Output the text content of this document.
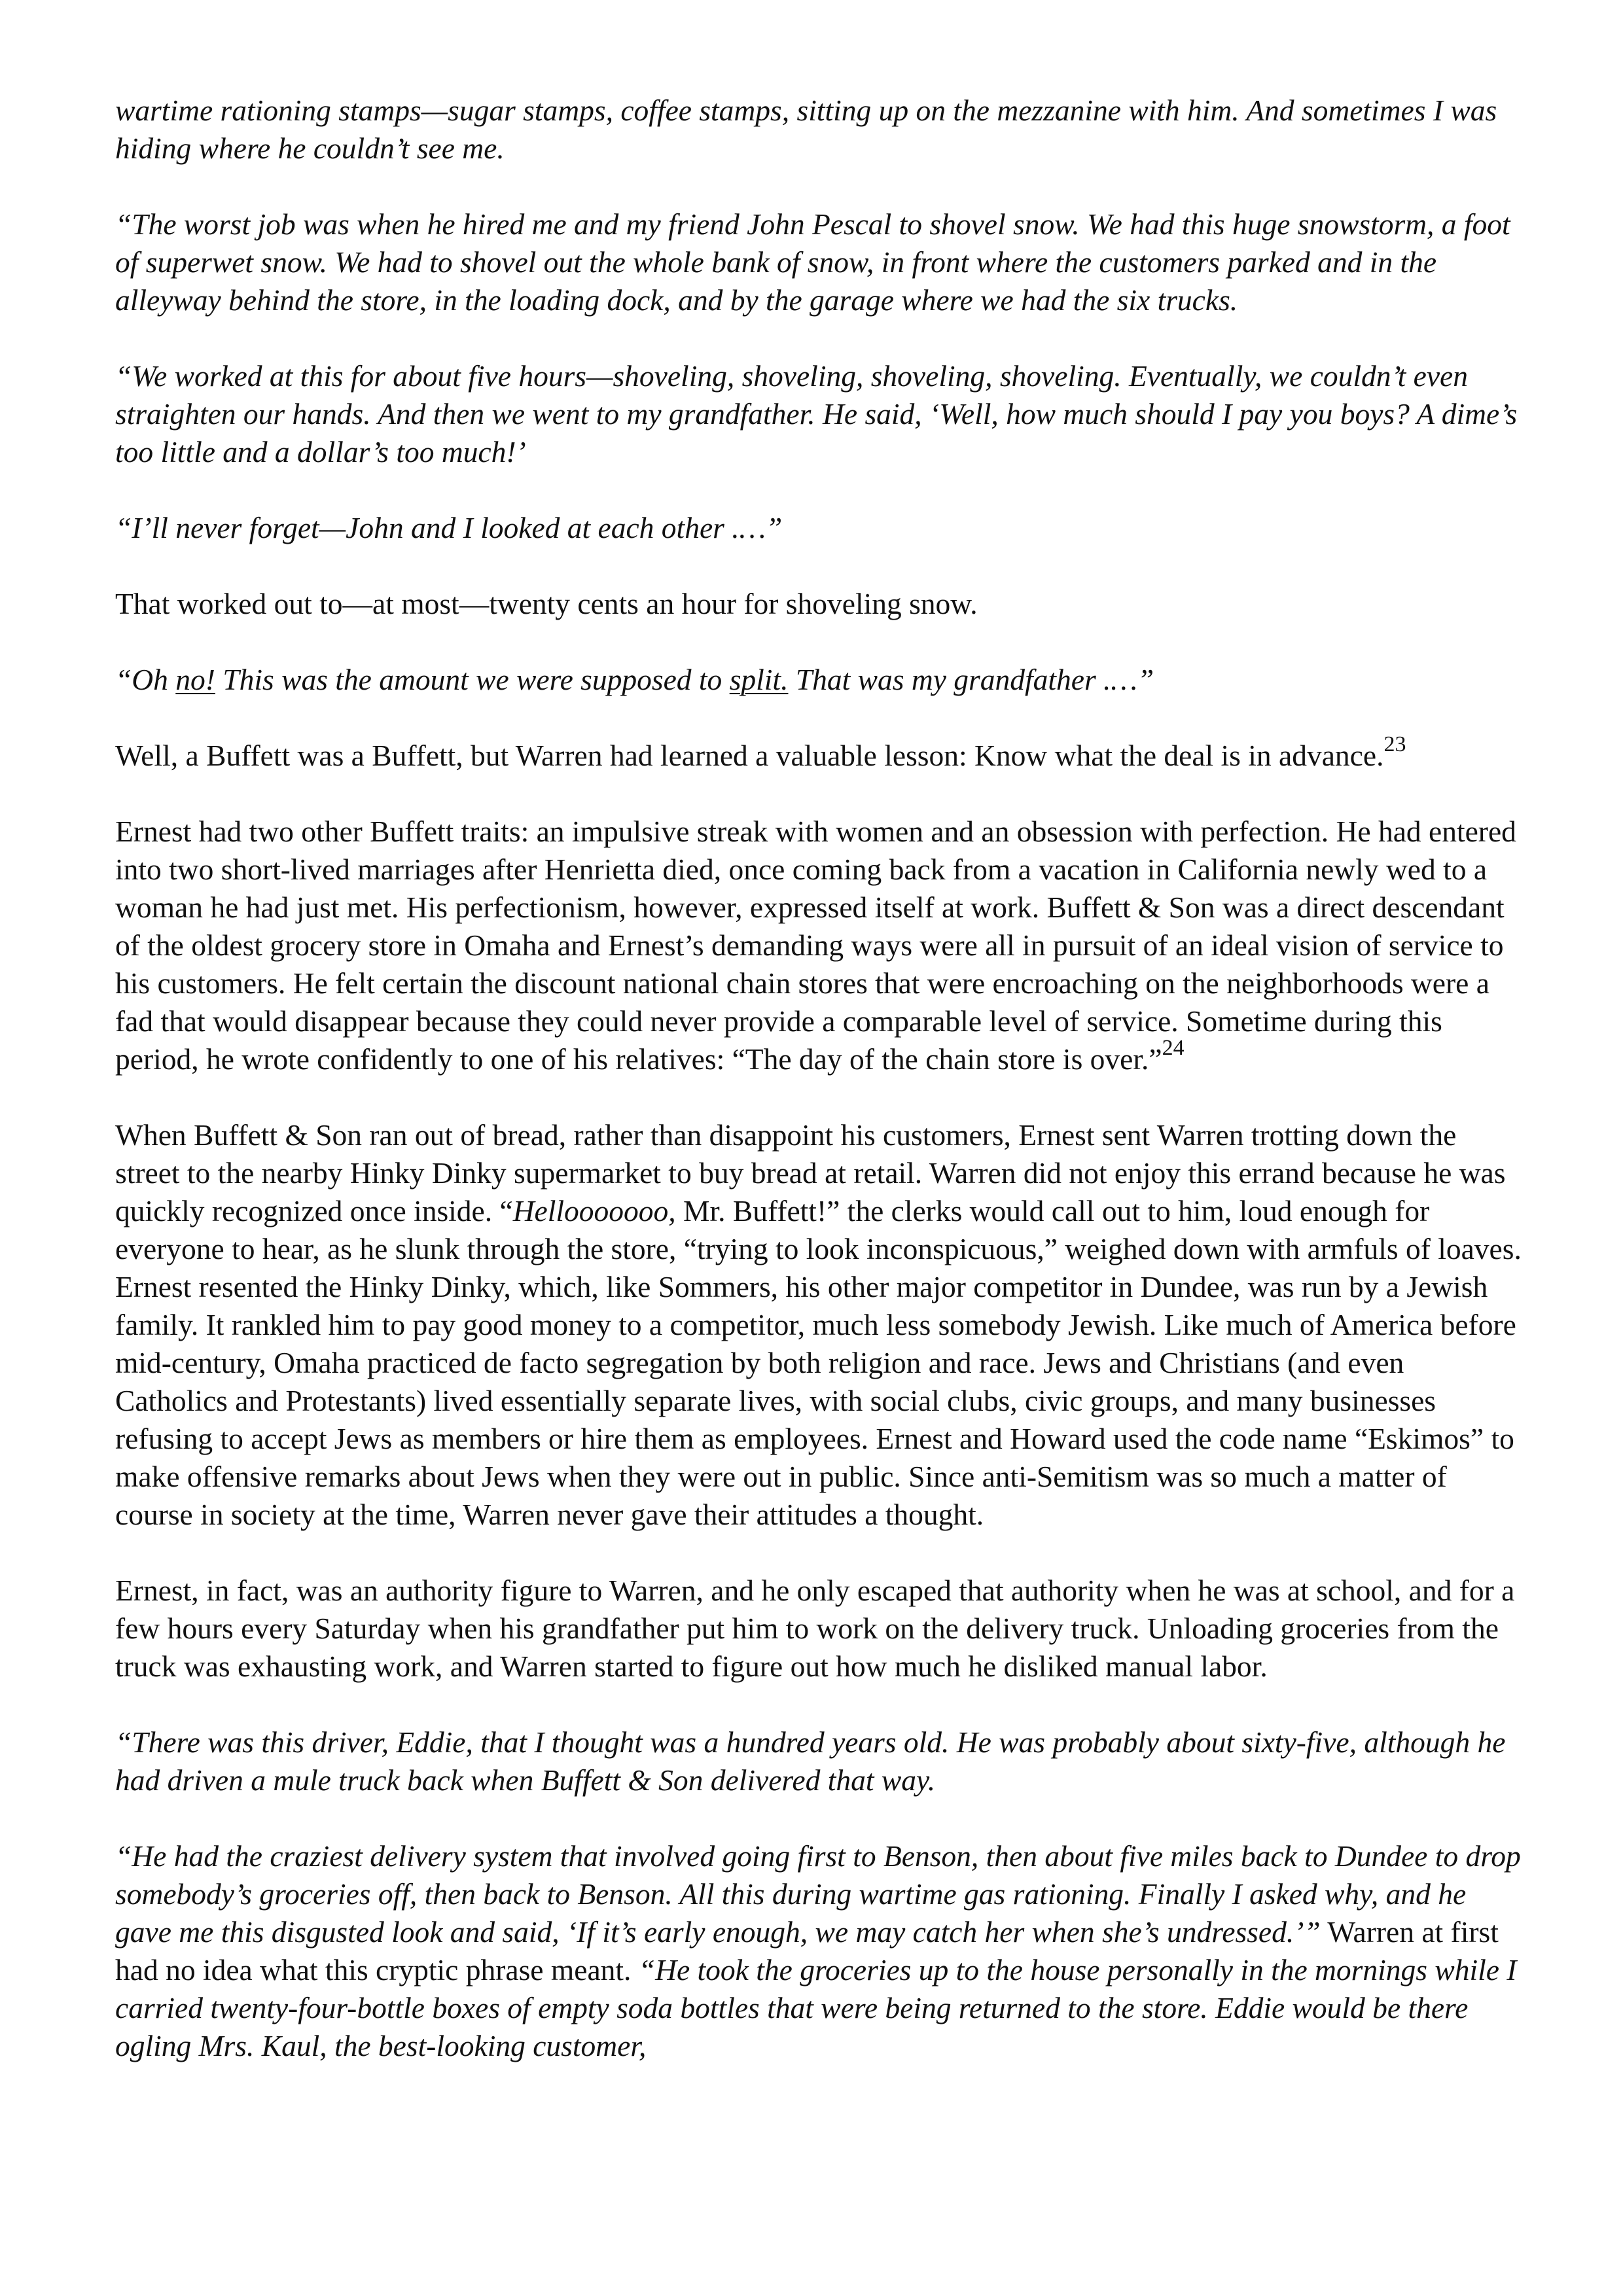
wartime rationing stamps—sugar stamps, coffee stamps, sitting up on the mezzanine with him. And sometimes I was hiding where he couldn’t see me.
“The worst job was when he hired me and my friend John Pescal to shovel snow. We had this huge snowstorm, a foot of superwet snow. We had to shovel out the whole bank of snow, in front where the customers parked and in the alleyway behind the store, in the loading dock, and by the garage where we had the six trucks.
“We worked at this for about five hours—shoveling, shoveling, shoveling, shoveling. Eventually, we couldn’t even straighten our hands. And then we went to my grandfather. He said, ‘Well, how much should I pay you boys? A dime’s too little and a dollar’s too much!’
“I’ll never forget—John and I looked at each other .…”
That worked out to—at most—twenty cents an hour for shoveling snow.
“Oh no! This was the amount we were supposed to split. That was my grandfather .…”
Well, a Buffett was a Buffett, but Warren had learned a valuable lesson: Know what the deal is in advance.$^{23}$
Ernest had two other Buffett traits: an impulsive streak with women and an obsession with perfection. He had entered into two short-lived marriages after Henrietta died, once coming back from a vacation in California newly wed to a woman he had just met. His perfectionism, however, expressed itself at work. Buffett & Son was a direct descendant of the oldest grocery store in Omaha and Ernest’s demanding ways were all in pursuit of an ideal vision of service to his customers. He felt certain the discount national chain stores that were encroaching on the neighborhoods were a fad that would disappear because they could never provide a comparable level of service. Sometime during this period, he wrote confidently to one of his relatives: “The day of the chain store is over.”$^{24}$
When Buffett & Son ran out of bread, rather than disappoint his customers, Ernest sent Warren trotting down the street to the nearby Hinky Dinky supermarket to buy bread at retail. Warren did not enjoy this errand because he was quickly recognized once inside. “Hellooooooo, Mr. Buffett!” the clerks would call out to him, loud enough for everyone to hear, as he slunk through the store, “trying to look inconspicuous,” weighed down with armfuls of loaves. Ernest resented the Hinky Dinky, which, like Sommers, his other major competitor in Dundee, was run by a Jewish family. It rankled him to pay good money to a competitor, much less somebody Jewish. Like much of America before mid-century, Omaha practiced de facto segregation by both religion and race. Jews and Christians (and even Catholics and Protestants) lived essentially separate lives, with social clubs, civic groups, and many businesses refusing to accept Jews as members or hire them as employees. Ernest and Howard used the code name “Eskimos” to make offensive remarks about Jews when they were out in public. Since anti-Semitism was so much a matter of course in society at the time, Warren never gave their attitudes a thought.
Ernest, in fact, was an authority figure to Warren, and he only escaped that authority when he was at school, and for a few hours every Saturday when his grandfather put him to work on the delivery truck. Unloading groceries from the truck was exhausting work, and Warren started to figure out how much he disliked manual labor.
“There was this driver, Eddie, that I thought was a hundred years old. He was probably about sixty-five, although he had driven a mule truck back when Buffett & Son delivered that way.
“He had the craziest delivery system that involved going first to Benson, then about five miles back to Dundee to drop somebody’s groceries off, then back to Benson. All this during wartime gas rationing. Finally I asked why, and he gave me this disgusted look and said, ‘If it’s early enough, we may catch her when she’s undressed.’” Warren at first had no idea what this cryptic phrase meant. “He took the groceries up to the house personally in the mornings while I carried twenty-four-bottle boxes of empty soda bottles that were being returned to the store. Eddie would be there ogling Mrs. Kaul, the best-looking customer,
